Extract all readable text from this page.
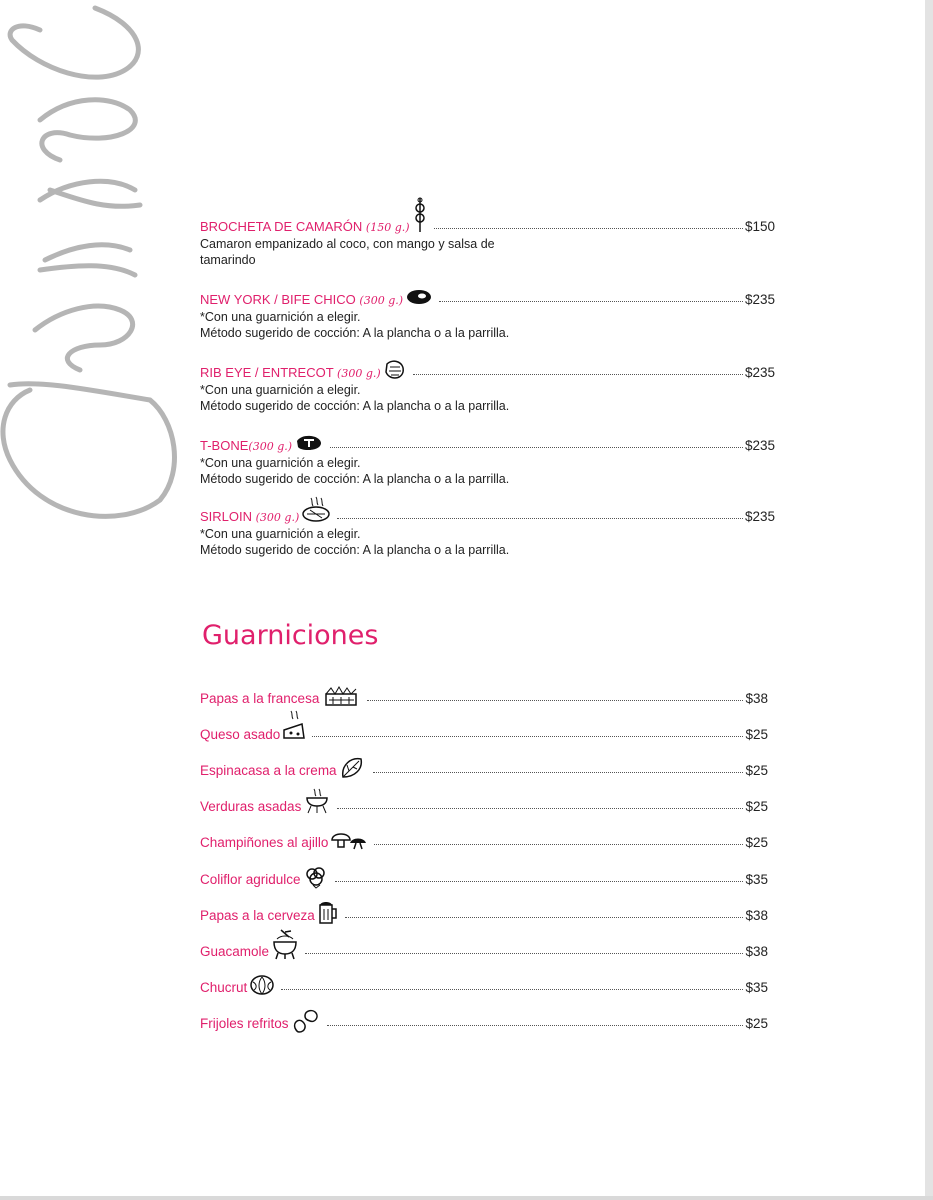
BROCHETA DE CAMARÓN (150 g.)	$150
Camaron empanizado al coco, con mango y salsa de
tamarindo
NEW YORK / BIFE CHICO (300 g.)	$235
*Con una guarnición a elegir.
Método sugerido de cocción: A la plancha o a la parrilla.
RIB EYE / ENTRECOT (300 g.)	$235
*Con una guarnición a elegir.
Método sugerido de cocción: A la plancha o a la parrilla.
T-BONE(300 g.)	$235
*Con una guarnición a elegir.
Método sugerido de cocción: A la plancha o a la parrilla.
SIRLOIN (300 g.)	$235
*Con una guarnición a elegir.
Método sugerido de cocción: A la plancha o a la parrilla.
Guarniciones
Papas a la francesa	$38
Queso asado	$25
Espinacasa a la crema	$25
Verduras asadas	$25
Champiñones al ajillo	$25
Coliflor agridulce	$35
Papas a la cerveza	$38
Guacamole	$38
Chucrut	$35
Frijoles refritos	$25
